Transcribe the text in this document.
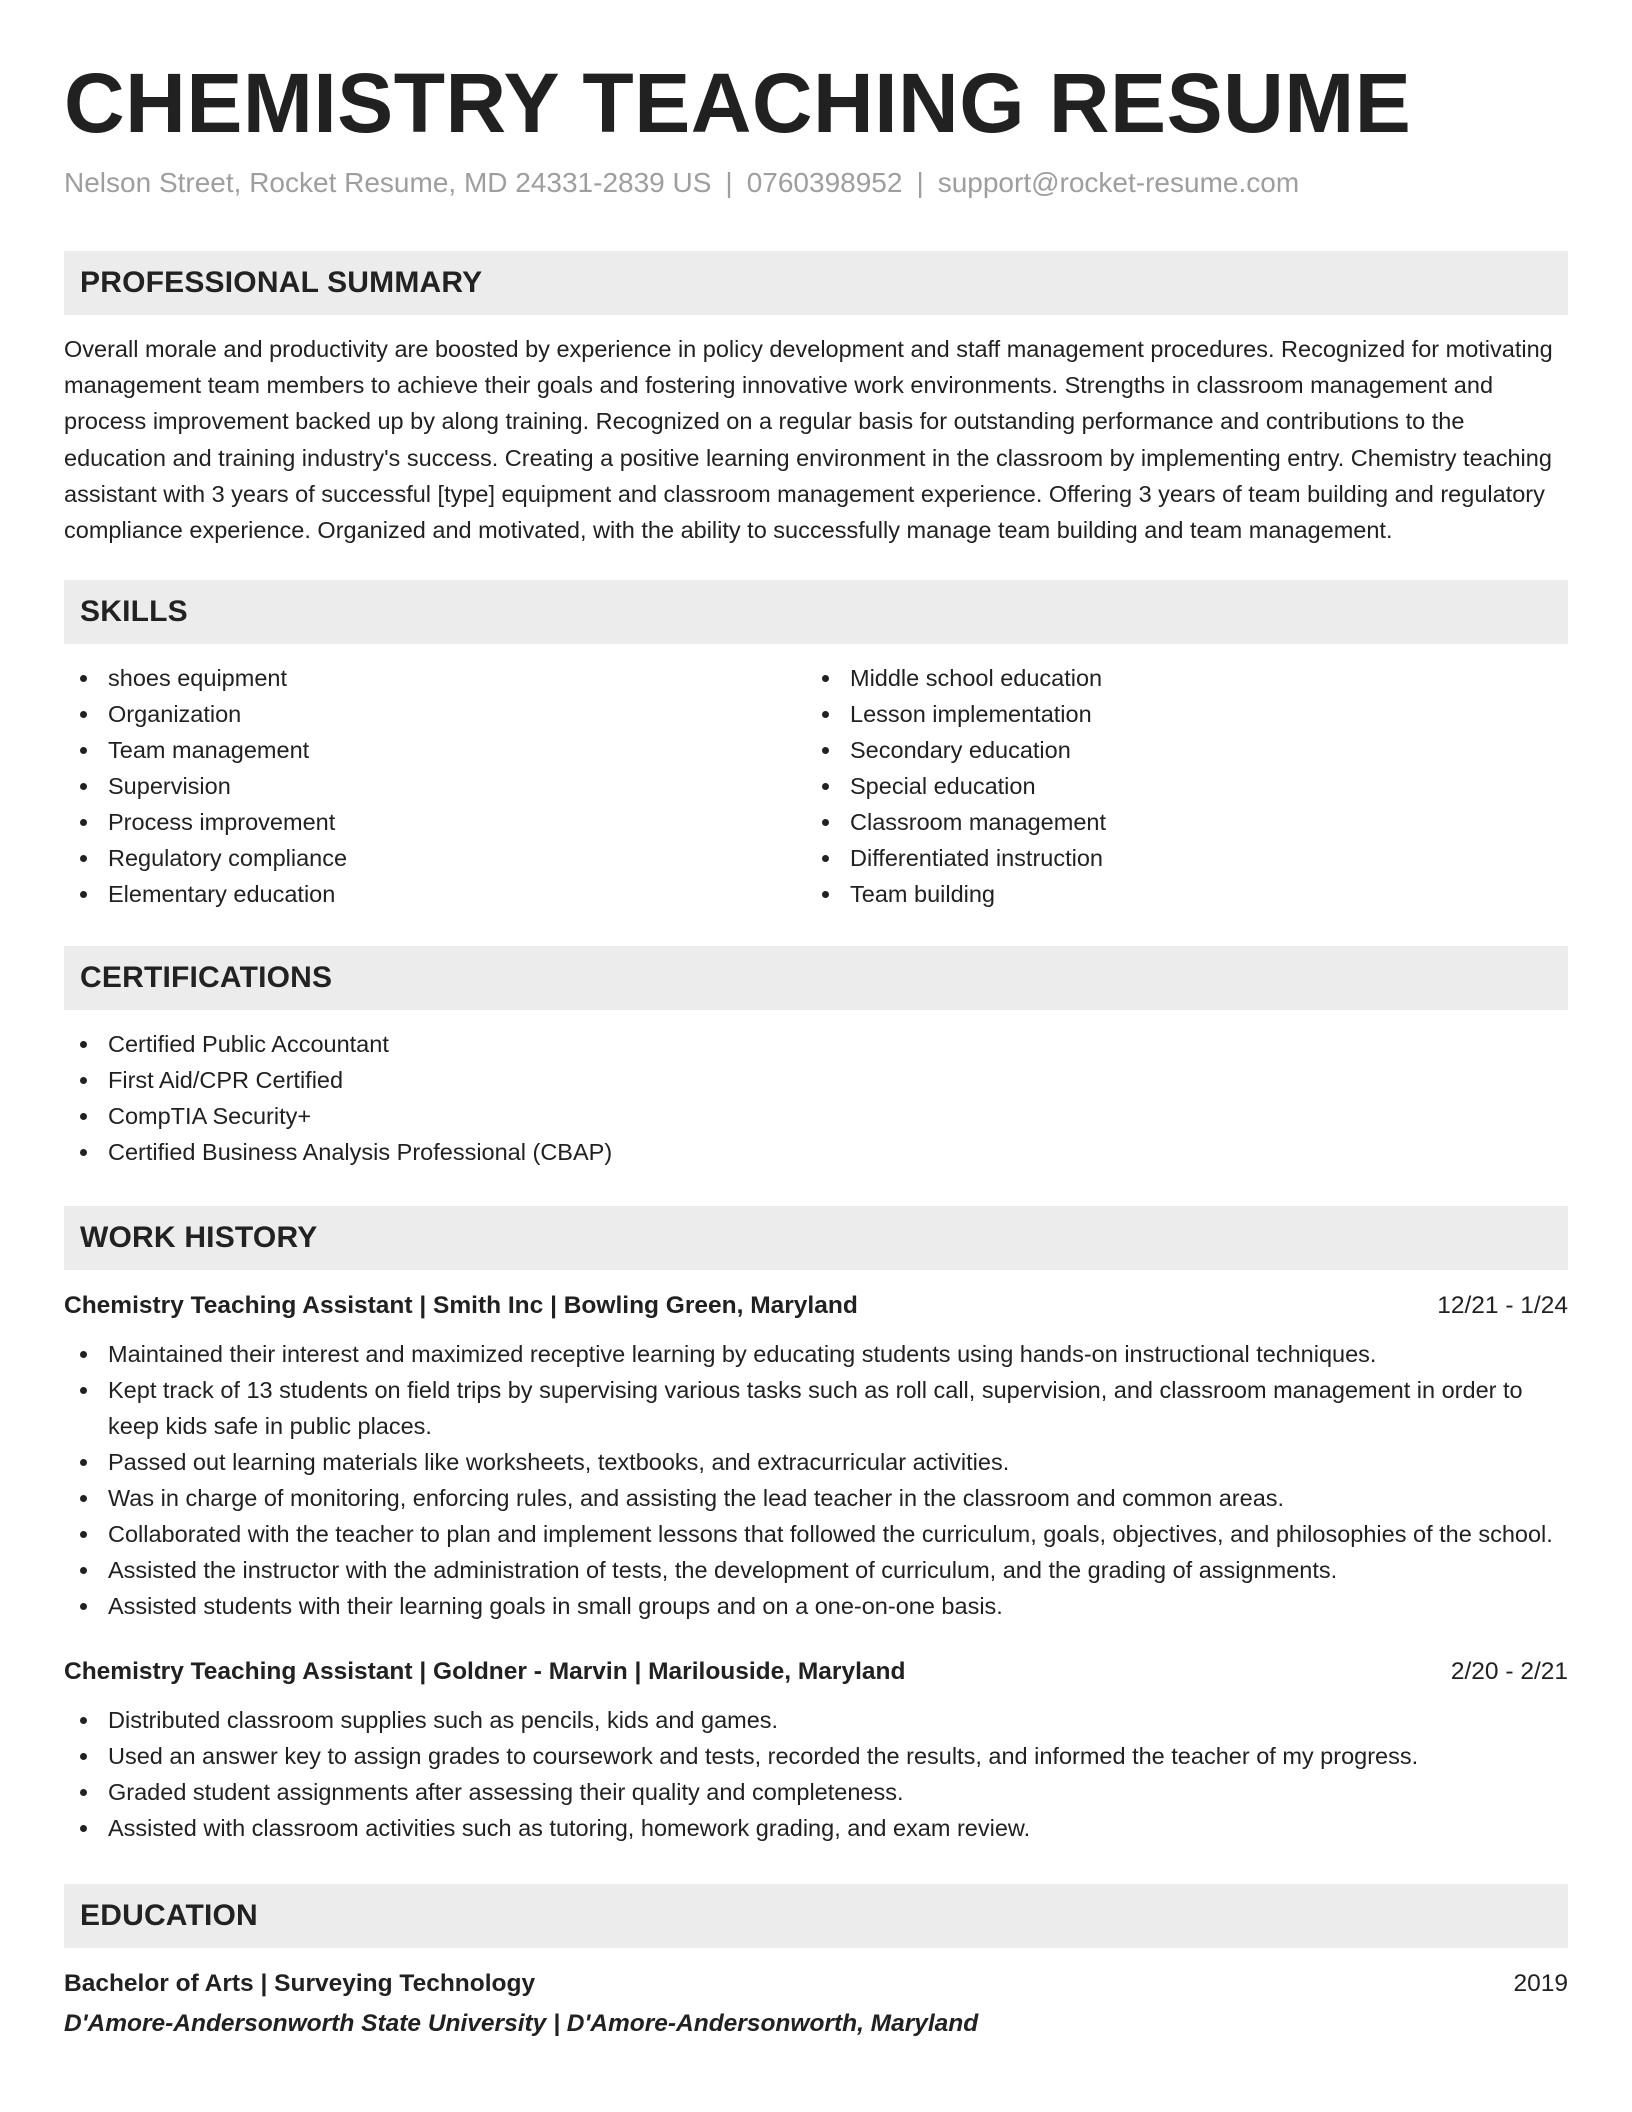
CHEMISTRY TEACHING RESUME
Nelson Street, Rocket Resume, MD 24331-2839 US | 0760398952 | support@rocket-resume.com
PROFESSIONAL SUMMARY

Overall morale and productivity are boosted by experience in policy development and staff management procedures. Recognized for motivating management team members to achieve their goals and fostering innovative work environments. Strengths in classroom management and process improvement backed up by along training. Recognized on a regular basis for outstanding performance and contributions to the education and training industry's success. Creating a positive learning environment in the classroom by implementing entry. Chemistry teaching assistant with 3 years of successful [type] equipment and classroom management experience. Offering 3 years of team building and regulatory compliance experience. Organized and motivated, with the ability to successfully manage team building and team management.

SKILLS
shoes equipment
Organization
Team management
Supervision
Process improvement
Regulatory compliance
Elementary education
Middle school education
Lesson implementation
Secondary education
Special education
Classroom management
Differentiated instruction
Team building
CERTIFICATIONS
Certified Public Accountant
First Aid/CPR Certified
CompTIA Security+
Certified Business Analysis Professional (CBAP)
WORK HISTORY
Chemistry Teaching Assistant | Smith Inc | Bowling Green, Maryland	12/21 - 1/24
Maintained their interest and maximized receptive learning by educating students using hands-on instructional techniques.
Kept track of 13 students on field trips by supervising various tasks such as roll call, supervision, and classroom management in order to keep kids safe in public places.
Passed out learning materials like worksheets, textbooks, and extracurricular activities.
Was in charge of monitoring, enforcing rules, and assisting the lead teacher in the classroom and common areas.
Collaborated with the teacher to plan and implement lessons that followed the curriculum, goals, objectives, and philosophies of the school.
Assisted the instructor with the administration of tests, the development of curriculum, and the grading of assignments.
Assisted students with their learning goals in small groups and on a one-on-one basis.
Chemistry Teaching Assistant | Goldner - Marvin | Marilouside, Maryland	2/20 - 2/21
Distributed classroom supplies such as pencils, kids and games.
Used an answer key to assign grades to coursework and tests, recorded the results, and informed the teacher of my progress.
Graded student assignments after assessing their quality and completeness.
Assisted with classroom activities such as tutoring, homework grading, and exam review.
EDUCATION
Bachelor of Arts | Surveying Technology	2019
D'Amore-Andersonworth State University | D'Amore-Andersonworth, Maryland
